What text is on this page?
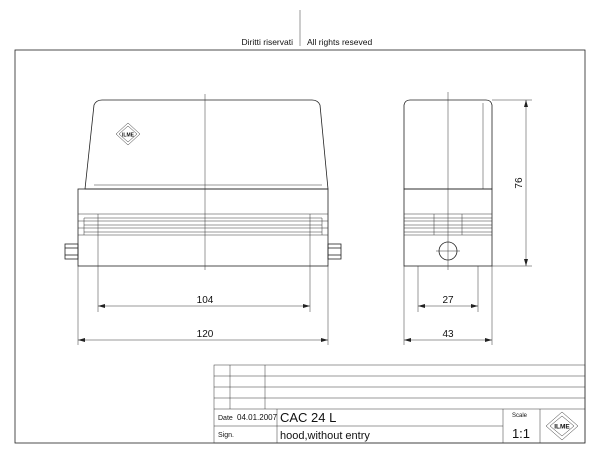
Diritti riservati All rights reseved
ILME
104
120
27
43
76
Date 04.01.2007
Sign.
CAC 24 L
hood,without entry
Scale
1:1	ILME
